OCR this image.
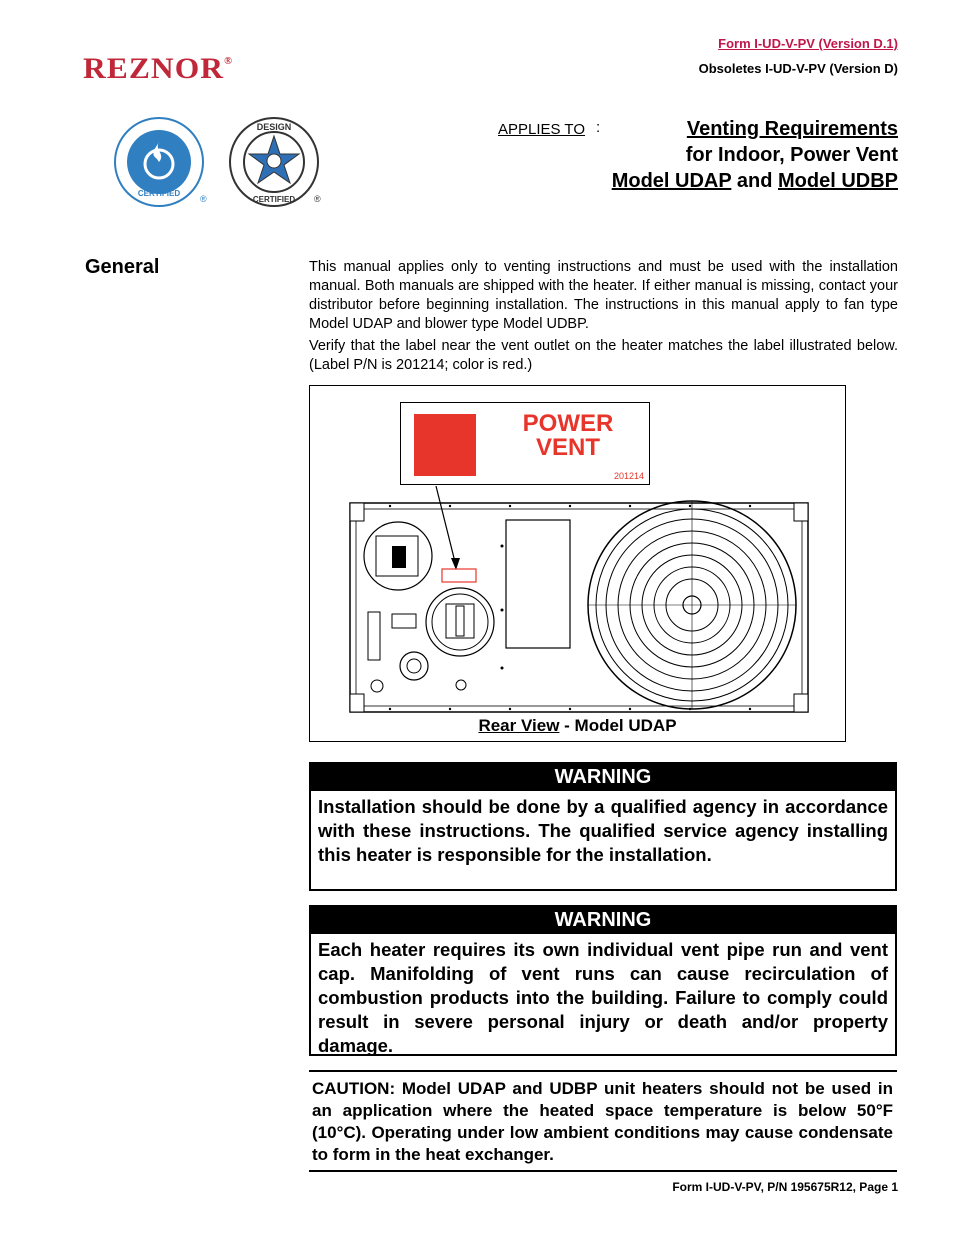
Form I-UD-V-PV (Version D.1)
Obsoletes I-UD-V-PV (Version D)
REZNOR®
CERTIFIED
®
DESIGN
CERTIFIED ®
APPLIES TO :	Venting Requirements
for Indoor, Power Vent
Model UDAP and Model UDBP
General	This manual applies only to venting instructions and must be used with the installation manual. Both manuals are shipped with the heater. If either manual is missing, contact your distributor before beginning installation. The instructions in this manual apply to fan type Model UDAP and blower type Model UDBP.

Verify that the label near the vent outlet on the heater matches the label illustrated below. (Label P/N is 201214; color is red.)

POWER
VENT
201214
Rear View - Model UDAP
WARNING
Installation should be done by a qualified agency in accordance with these instructions. The qualified service agency installing this heater is responsible for the installation.
WARNING
Each heater requires its own individual vent pipe run and vent cap. Manifolding of vent runs can cause recirculation of combustion products into the building. Failure to comply could result in severe personal injury or death and/or property damage.
CAUTION: Model UDAP and UDBP unit heaters should not be used in an application where the heated space temperature is below 50°F (10°C). Operating under low ambient conditions may cause condensate to form in the heat exchanger.
Form I-UD-V-PV, P/N 195675R12, Page 1
